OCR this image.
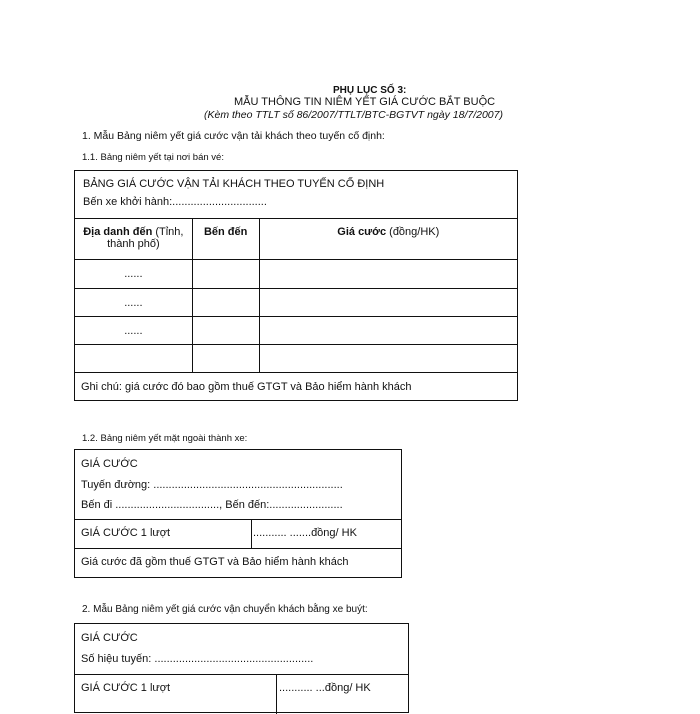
PHỤ LỤC SỐ 3:
MẪU THÔNG TIN NIÊM YẾT GIÁ CƯỚC BẮT BUỘC
(Kèm theo TTLT số 86/2007/TTLT/BTC-BGTVT ngày 18/7/2007)
1. Mẫu Bảng niêm yết giá cước vận tải khách theo tuyến cố định:
1.1. Bảng niêm yết tại nơi bán vé:
BẢNG GIÁ CƯỚC VẬN TẢI KHÁCH THEO TUYẾN CỐ ĐỊNH
Bến xe khởi hành:...............................		

Địa danh đến (Tỉnh, thành phố)	Bến đến	Giá cước (đồng/HK)
......		
......		
......		

Ghi chú: giá cước đó bao gồm thuế GTGT và Bảo hiểm hành khách		
1.2. Bảng niêm yết mặt ngoài thành xe:
GIÁ CƯỚC
Tuyến đường: ..............................................................
Bến đi .................................., Bến đến:........................
GIÁ CƯỚC 1 lượt	........... .......đồng/ HK
Giá cước đã gồm thuế GTGT và Bảo hiểm hành khách
2. Mẫu Bảng niêm yết giá cước vận chuyển khách bằng xe buýt:
GIÁ CƯỚC
Số hiệu tuyến: ....................................................
GIÁ CƯỚC 1 lượt	........... ...đồng/ HK
